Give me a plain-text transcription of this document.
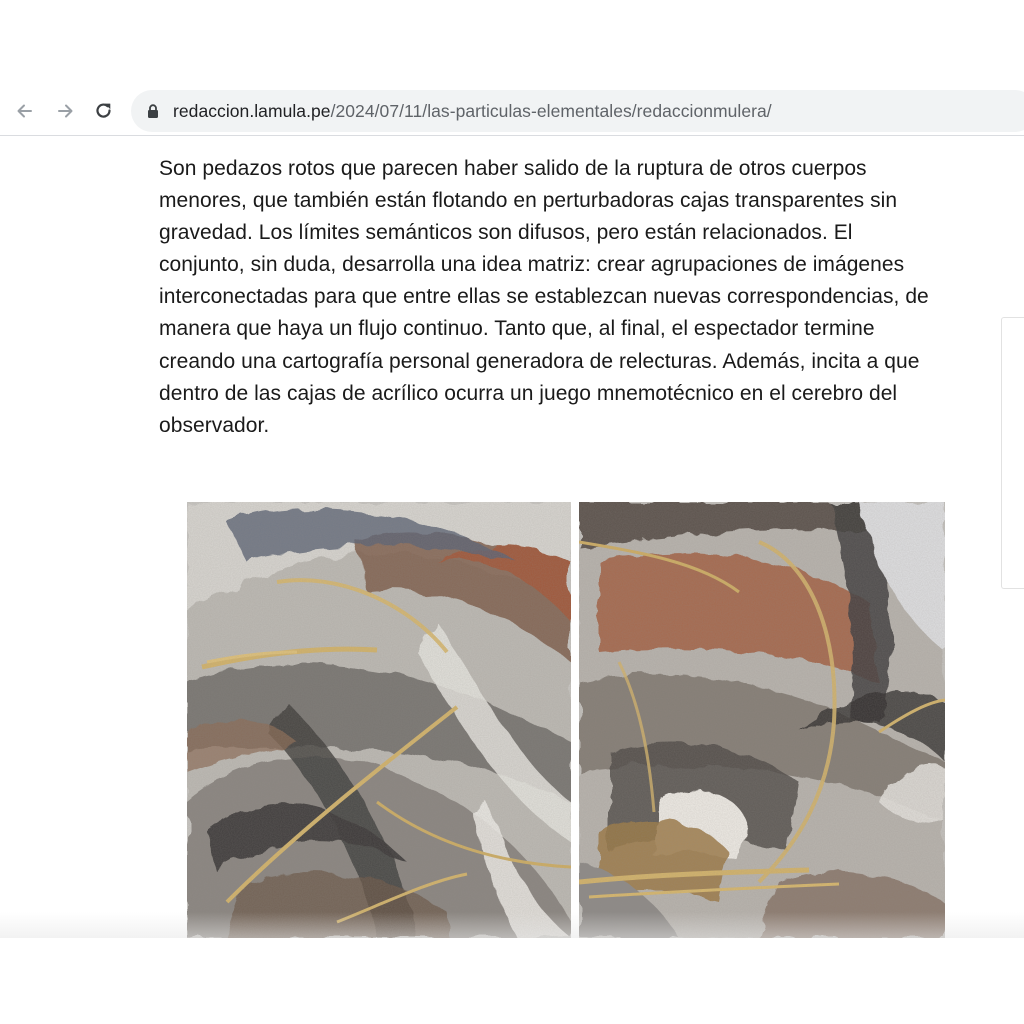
redaccion.lamula.pe/2024/07/11/las-particulas-elementales/redaccionmulera/
Son pedazos rotos que parecen haber salido de la ruptura de otros cuerpos
menores, que también están flotando en perturbadoras cajas transparentes sin
gravedad. Los límites semánticos son difusos, pero están relacionados. El
conjunto, sin duda, desarrolla una idea matriz: crear agrupaciones de imágenes
interconectadas para que entre ellas se establezcan nuevas correspondencias, de
manera que haya un flujo continuo. Tanto que, al final, el espectador termine
creando una cartografía personal generadora de relecturas. Además, incita a que
dentro de las cajas de acrílico ocurra un juego mnemotécnico en el cerebro del
observador.
